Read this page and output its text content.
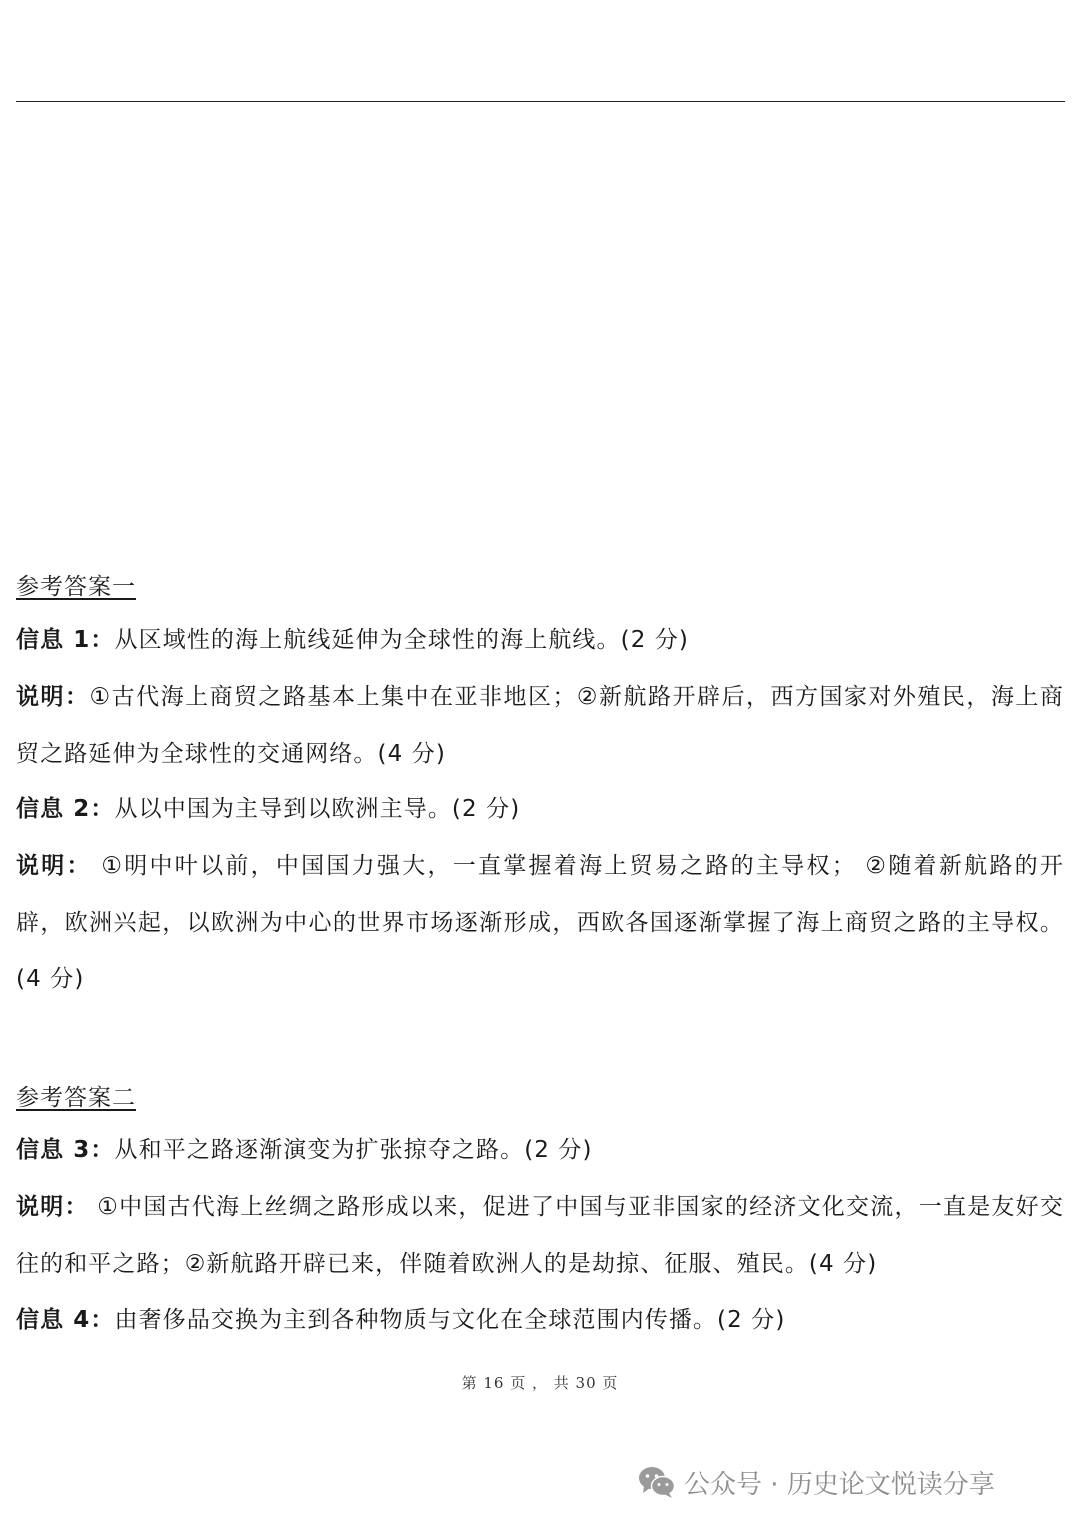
参考答案一
信息 1：从区域性的海上航线延伸为全球性的海上航线。(2 分)
说明：①古代海上商贸之路基本上集中在亚非地区；②新航路开辟后，西方国家对外殖民，海上商贸之路延伸为全球性的交通网络。(4 分)
信息 2：从以中国为主导到以欧洲主导。(2 分)
说明： ①明中叶以前，中国国力强大，一直掌握着海上贸易之路的主导权； ②随着新航路的开辟，欧洲兴起，以欧洲为中心的世界市场逐渐形成，西欧各国逐渐掌握了海上商贸之路的主导权。(4 分)
参考答案二
信息 3：从和平之路逐渐演变为扩张掠夺之路。(2 分)
说明： ①中国古代海上丝绸之路形成以来，促进了中国与亚非国家的经济文化交流，一直是友好交往的和平之路；②新航路开辟已来，伴随着欧洲人的是劫掠、征服、殖民。(4 分)
信息 4：由奢侈品交换为主到各种物质与文化在全球范围内传播。(2 分)
第 16 页 ， 共 30 页
公众号 · 历史论文悦读分享
